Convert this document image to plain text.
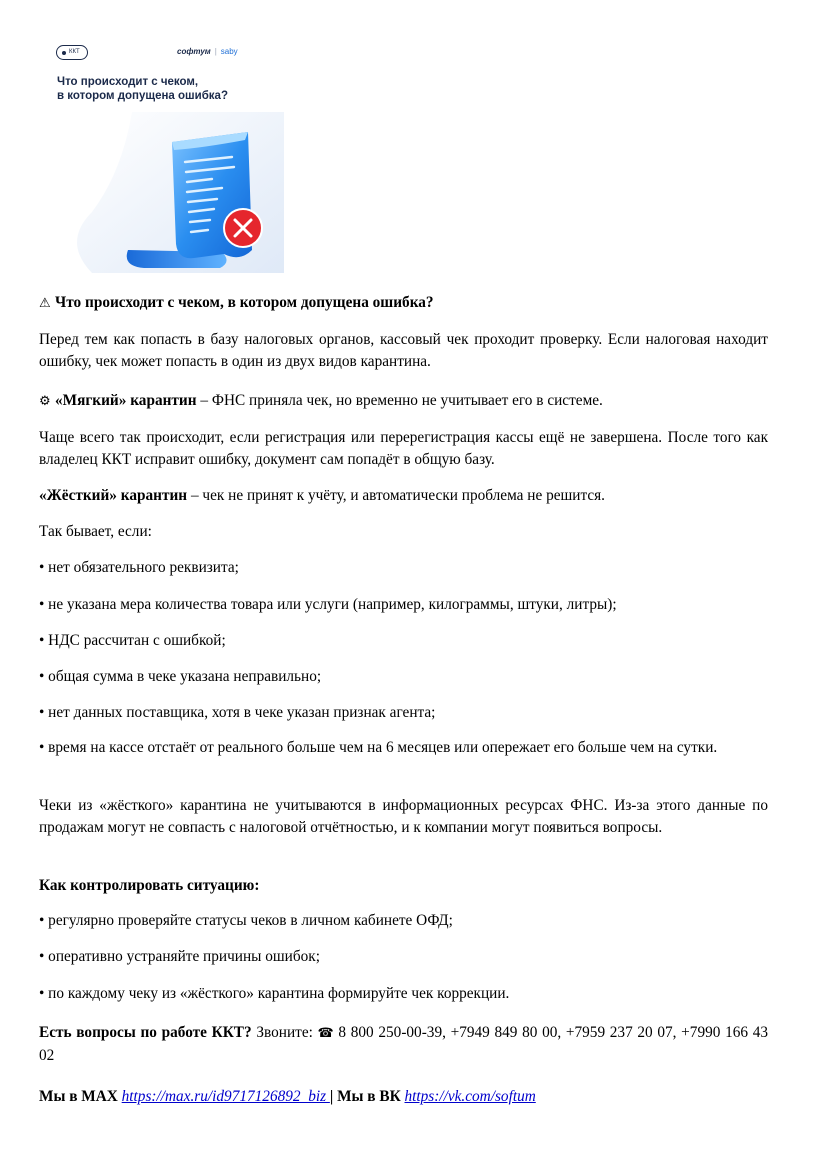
ККТ	софтум | saby
Что происходит с чеком,
в котором допущена ошибка?
⚠ Что происходит с чеком, в котором допущена ошибка?
Перед тем как попасть в базу налоговых органов, кассовый чек проходит проверку. Если налоговая находит ошибку, чек может попасть в один из двух видов карантина.
⚙ «Мягкий» карантин – ФНС приняла чек, но временно не учитывает его в системе.
Чаще всего так происходит, если регистрация или перерегистрация кассы ещё не завершена. После того как владелец ККТ исправит ошибку, документ сам попадёт в общую базу.
«Жёсткий» карантин – чек не принят к учёту, и автоматически проблема не решится.
Так бывает, если:
• нет обязательного реквизита;
• не указана мера количества товара или услуги (например, килограммы, штуки, литры);
• НДС рассчитан с ошибкой;
• общая сумма в чеке указана неправильно;
• нет данных поставщика, хотя в чеке указан признак агента;
• время на кассе отстаёт от реального больше чем на 6 месяцев или опережает его больше чем на сутки.
Чеки из «жёсткого» карантина не учитываются в информационных ресурсах ФНС. Из-за этого данные по продажам могут не совпасть с налоговой отчётностью, и к компании могут появиться вопросы.
Как контролировать ситуацию:
• регулярно проверяйте статусы чеков в личном кабинете ОФД;
• оперативно устраняйте причины ошибок;
• по каждому чеку из «жёсткого» карантина формируйте чек коррекции.
Есть вопросы по работе ККТ? Звоните: ☎ 8 800 250-00-39, +7949 849 80 00, +7959 237 20 07, +7990 166 43 02
Мы в MAX https://max.ru/id9717126892_biz | Мы в ВК https://vk.com/softum
